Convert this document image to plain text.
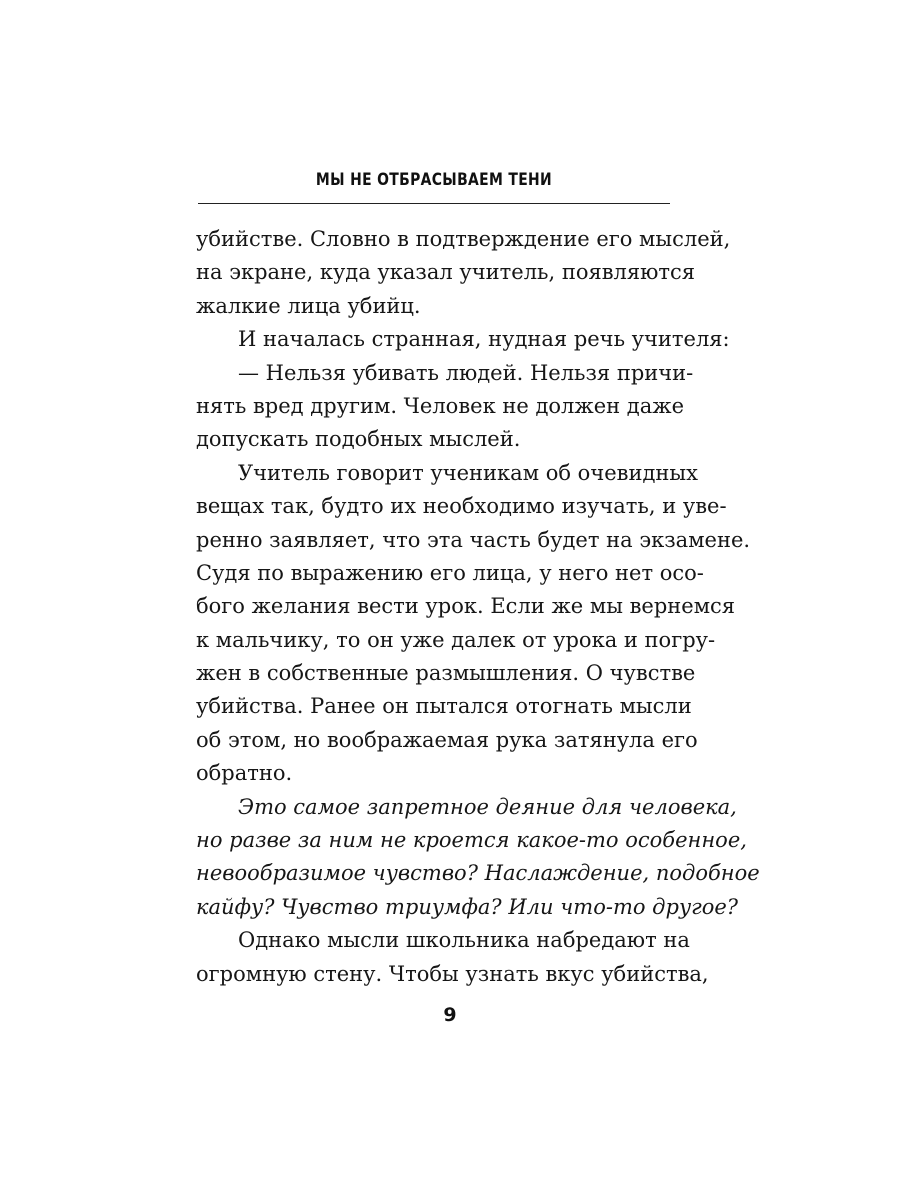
МЫ НЕ ОТБРАСЫВАЕМ ТЕНИ
убийстве. Словно в подтверждение его мыслей,
на экране, куда указал учитель, появляются
жалкие лица убийц.
И началась странная, нудная речь учителя:
— Нельзя убивать людей. Нельзя причи-
нять вред другим. Человек не должен даже
допускать подобных мыслей.
Учитель говорит ученикам об очевидных
вещах так, будто их необходимо изучать, и уве-
ренно заявляет, что эта часть будет на экзамене.
Судя по выражению его лица, у него нет осо-
бого желания вести урок. Если же мы вернемся
к мальчику, то он уже далек от урока и погру-
жен в собственные размышления. О чувстве
убийства. Ранее он пытался отогнать мысли
об этом, но воображаемая рука затянула его
обратно.
Это самое запретное деяние для человека,
но разве за ним не кроется какое-то особенное,
невообразимое чувство? Наслаждение, подобное
кайфу? Чувство триумфа? Или что-то другое?
Однако мысли школьника набредают на
огромную стену. Чтобы узнать вкус убийства,
9
